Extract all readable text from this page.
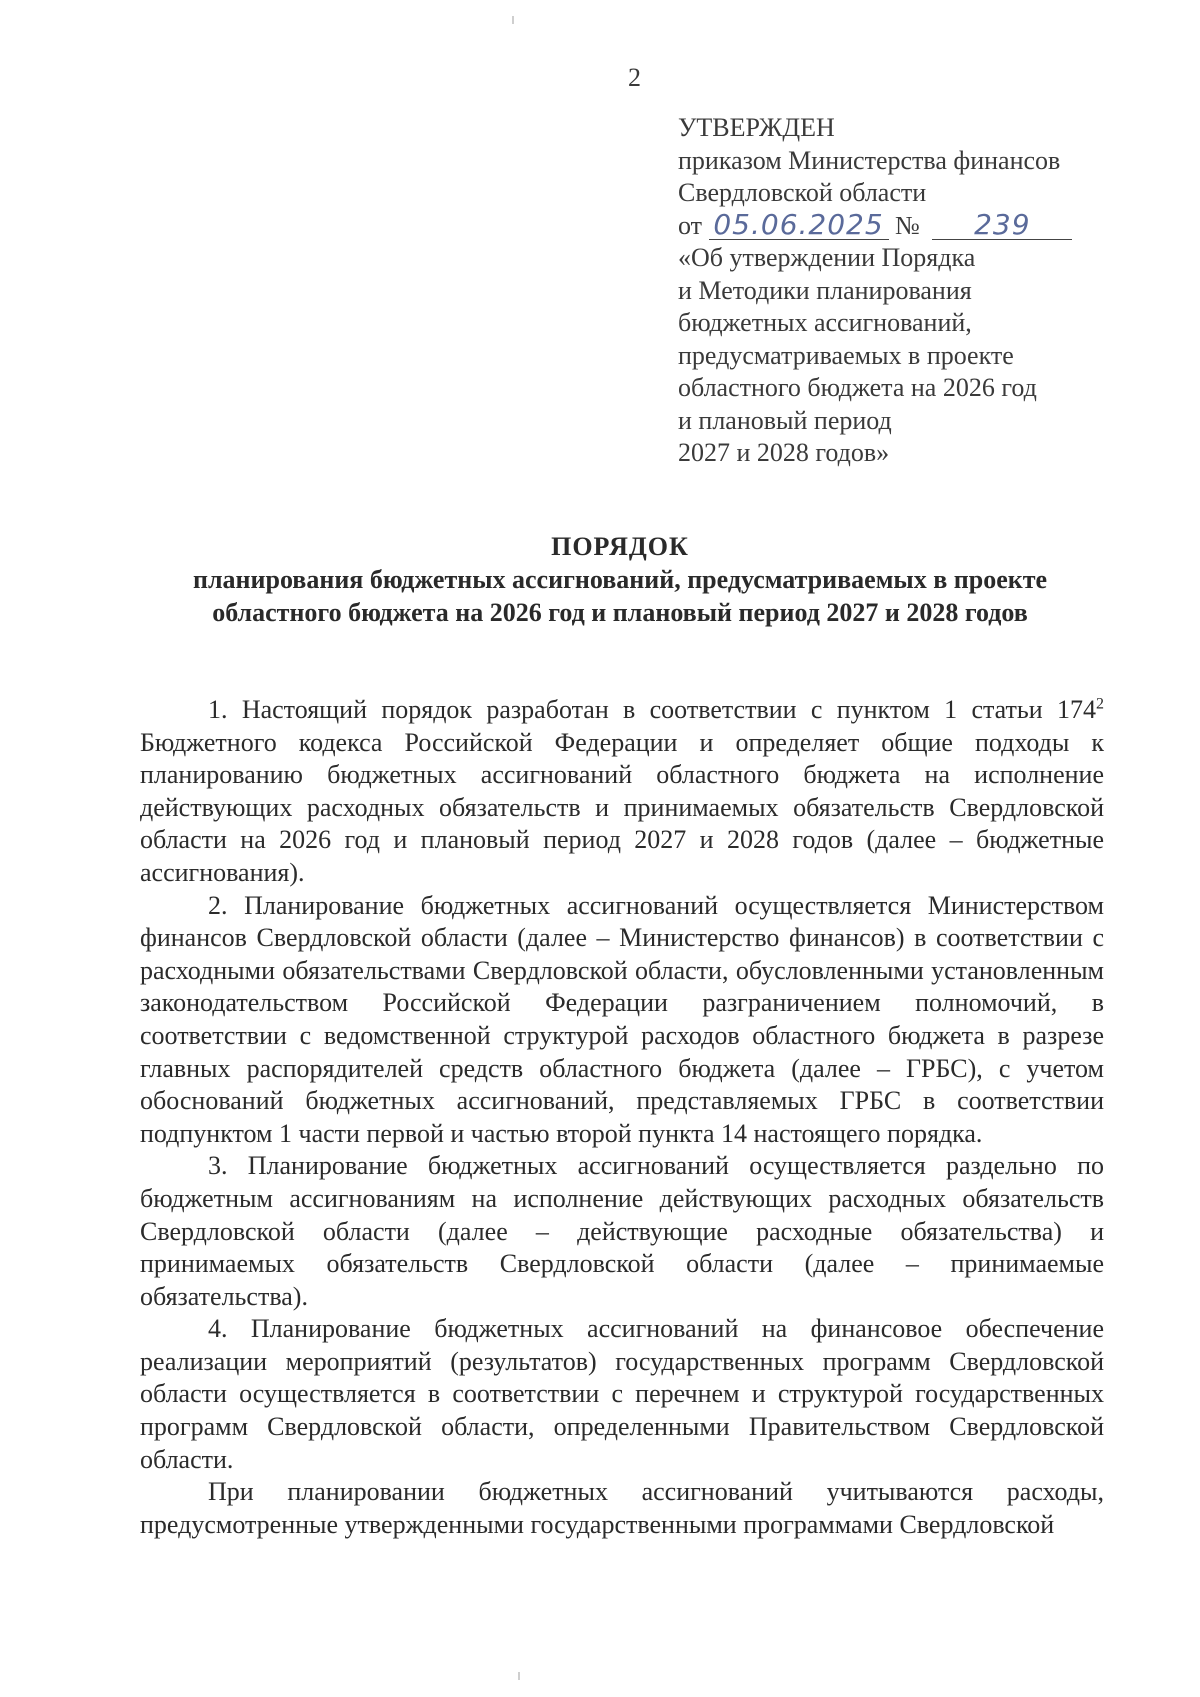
2
УТВЕРЖДЕН
приказом Министерства финансов
Свердловской области
от 05.06.2025 № 239
«Об утверждении Порядка
и Методики планирования
бюджетных ассигнований,
предусматриваемых в проекте
областного бюджета на 2026 год
и плановый период
2027 и 2028 годов»
ПОРЯДОК
планирования бюджетных ассигнований, предусматриваемых в проекте
областного бюджета на 2026 год и плановый период 2027 и 2028 годов

1. Настоящий порядок разработан в соответствии с пунктом 1 статьи $174^2$ Бюджетного кодекса Российской Федерации и определяет общие подходы к планированию бюджетных ассигнований областного бюджета на исполнение действующих расходных обязательств и принимаемых обязательств Свердловской области на 2026 год и плановый период 2027 и 2028 годов (далее – бюджетные ассигнования).

2. Планирование бюджетных ассигнований осуществляется Министерством финансов Свердловской области (далее – Министерство финансов) в соответствии с расходными обязательствами Свердловской области, обусловленными установленным законодательством Российской Федерации разграничением полномочий, в соответствии с ведомственной структурой расходов областного бюджета в разрезе главных распорядителей средств областного бюджета (далее – ГРБС), с учетом обоснований бюджетных ассигнований, представляемых ГРБС в соответствии подпунктом 1 части первой и частью второй пункта 14 настоящего порядка.

3. Планирование бюджетных ассигнований осуществляется раздельно по бюджетным ассигнованиям на исполнение действующих расходных обязательств Свердловской области (далее – действующие расходные обязательства) и принимаемых обязательств Свердловской области (далее – принимаемые обязательства).

4. Планирование бюджетных ассигнований на финансовое обеспечение реализации мероприятий (результатов) государственных программ Свердловской области осуществляется в соответствии с перечнем и структурой государственных программ Свердловской области, определенными Правительством Свердловской области.

При планировании бюджетных ассигнований учитываются расходы, предусмотренные утвержденными государственными программами Свердловской
